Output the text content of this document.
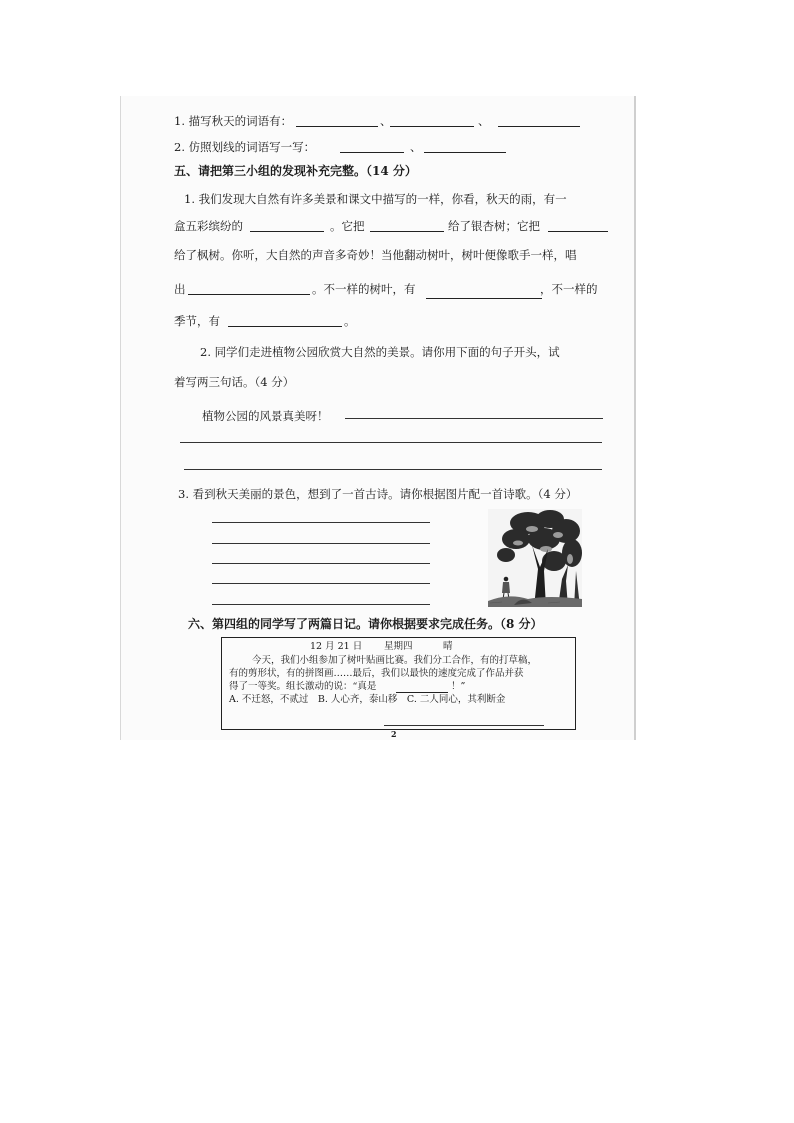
1. 描写秋天的词语有：	、	、
2. 仿照划线的词语写一写：	、
五、请把第三小组的发现补充完整。（14 分）
1. 我们发现大自然有许多美景和课文中描写的一样，你看，秋天的雨，有一
盒五彩缤纷的	。它把	给了银杏树；它把
给了枫树。你听，大自然的声音多奇妙！当他翻动树叶，树叶便像歌手一样，唱
出	。不一样的树叶，有	，不一样的
季节，有	。
2. 同学们走进植物公园欣赏大自然的美景。请你用下面的句子开头，试
着写两三句话。（4 分）
植物公园的风景真美呀！
3. 看到秋天美丽的景色，想到了一首古诗。请你根据图片配一首诗歌。（4 分）
六、第四组的同学写了两篇日记。请你根据要求完成任务。（8 分）
12 月 21 日 星期四	晴
今天，我们小组参加了树叶贴画比赛。我们分工合作，有的打草稿，
有的剪形状，有的拼图画……最后，我们以最快的速度完成了作品并获
得了一等奖。组长激动的说：“真是	！”
A. 不迁怒，不贰过　B. 人心齐，泰山移　C. 二人同心，其利断金
2
